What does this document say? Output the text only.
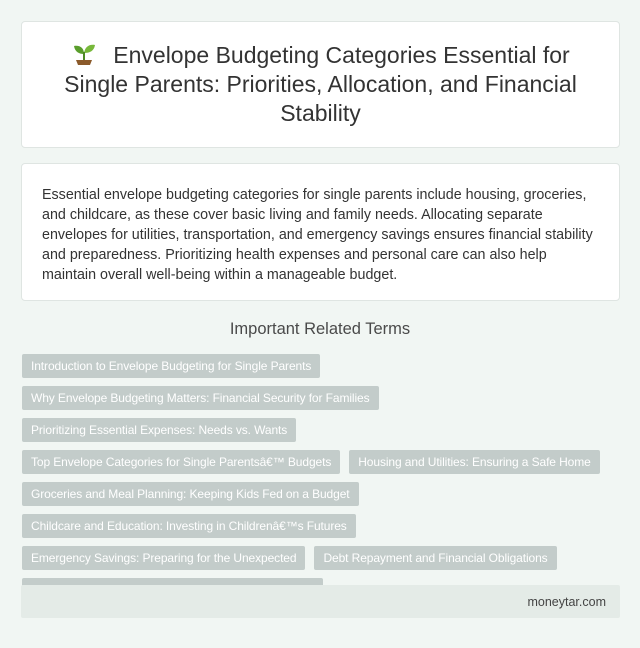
Envelope Budgeting Categories Essential for Single Parents: Priorities, Allocation, and Financial Stability

Essential envelope budgeting categories for single parents include housing, groceries, and childcare, as these cover basic living and family needs. Allocating separate envelopes for utilities, transportation, and emergency savings ensures financial stability and preparedness. Prioritizing health expenses and personal care can also help maintain overall well-being within a manageable budget.

Important Related Terms
Introduction to Envelope Budgeting for Single Parents
Why Envelope Budgeting Matters: Financial Security for Families
Prioritizing Essential Expenses: Needs vs. Wants
Top Envelope Categories for Single Parentsâ€™ Budgets	Housing and Utilities: Ensuring a Safe Home
Groceries and Meal Planning: Keeping Kids Fed on a Budget
Childcare and Education: Investing in Childrenâ€™s Futures
Emergency Savings: Preparing for the Unexpected	Debt Repayment and Financial Obligations
moneytar.com
